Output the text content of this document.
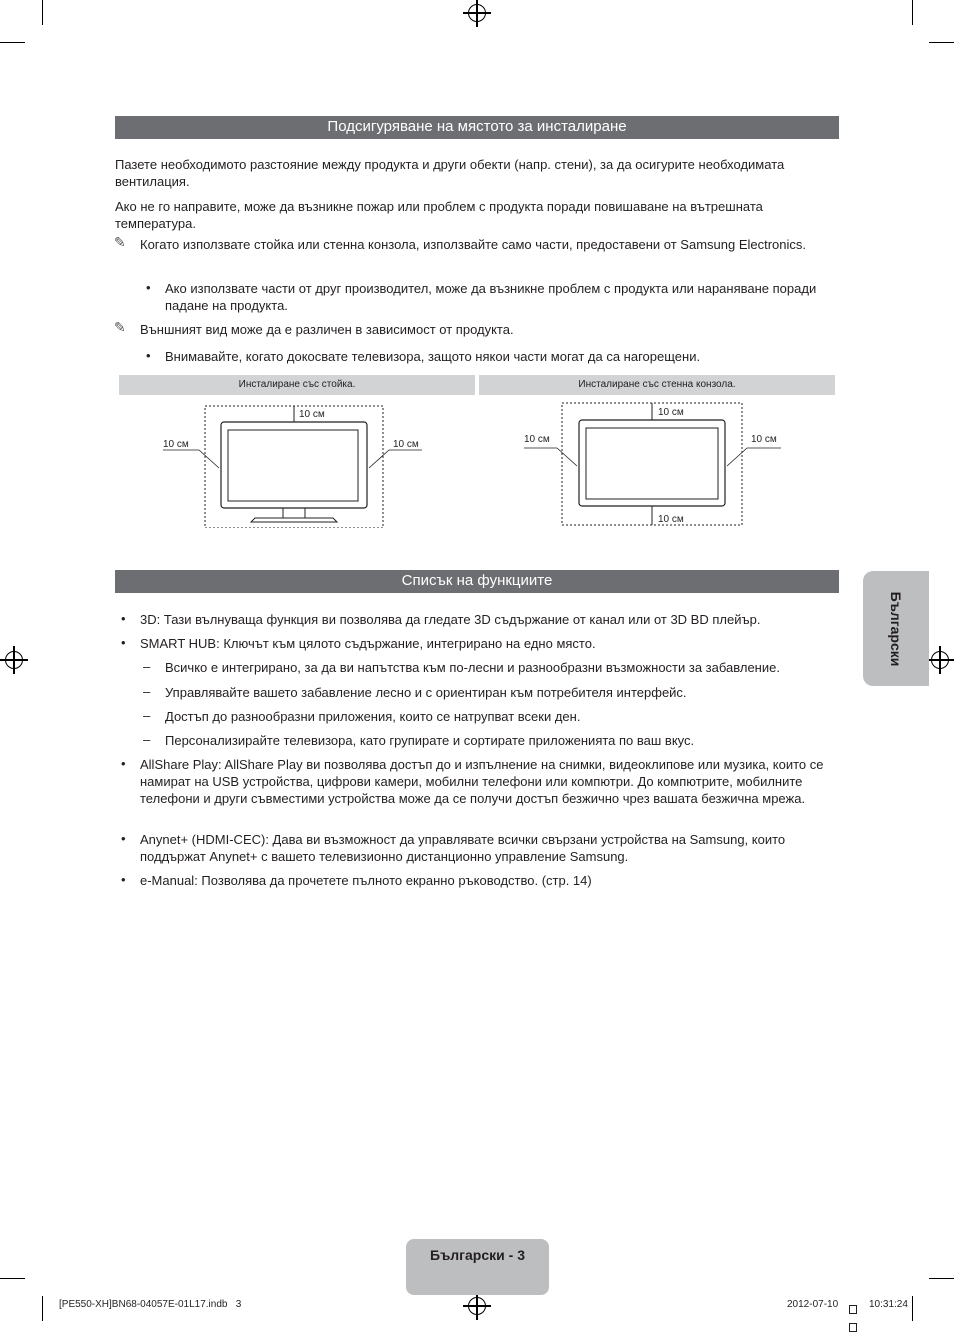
Подсигуряване на мястото за инсталиране
Пазете необходимото разстояние между продукта и други обекти (напр. стени), за да осигурите необходимата вентилация.
Ако не го направите, може да възникне пожар или проблем с продукта поради повишаване на вътрешната температура.
✎ Когато използвате стойка или стенна конзола, използвайте само части, предоставени от Samsung Electronics.
• Ако използвате части от друг производител, може да възникне проблем с продукта или нараняване поради падане на продукта.
✎ Външният вид може да е различен в зависимост от продукта.
• Внимавайте, когато докосвате телевизора, защото някои части могат да са нагорещени.
Инсталиране със стойка.	Инсталиране със стенна конзола.
10 см
10 см	10 см
10 см
10 см	10 см
10 см
Списък на функциите
• 3D: Тази вълнуваща функция ви позволява да гледате 3D съдържание от канал или от 3D BD плейър.
• SMART HUB: Ключът към цялото съдържание, интегрирано на едно място.
– Всичко е интегрирано, за да ви напътства към по-лесни и разнообразни възможности за забавление.
– Управлявайте вашето забавление лесно и с ориентиран към потребителя интерфейс.
– Достъп до разнообразни приложения, които се натрупват всеки ден.
– Персонализирайте телевизора, като групирате и сортирате приложенията по ваш вкус.
• AllShare Play: AllShare Play ви позволява достъп до и изпълнение на снимки, видеоклипове или музика, които се намират на USB устройства, цифрови камери, мобилни телефони или компютри. До компютрите, мобилните телефони и други съвместими устройства може да се получи достъп безжично чрез вашата безжична мрежа.
• Anynet+ (HDMI-CEC): Дава ви възможност да управлявате всички свързани устройства на Samsung, които поддържат Anynet+ с вашето телевизионно дистанционно управление Samsung.
• e-Manual: Позволява да прочетете пълното екранно ръководство. (стр. 14)
Български
Български - 3
[PE550-XH]BN68-04057E-01L17.indb   3	2012-07-10	10:31:24
